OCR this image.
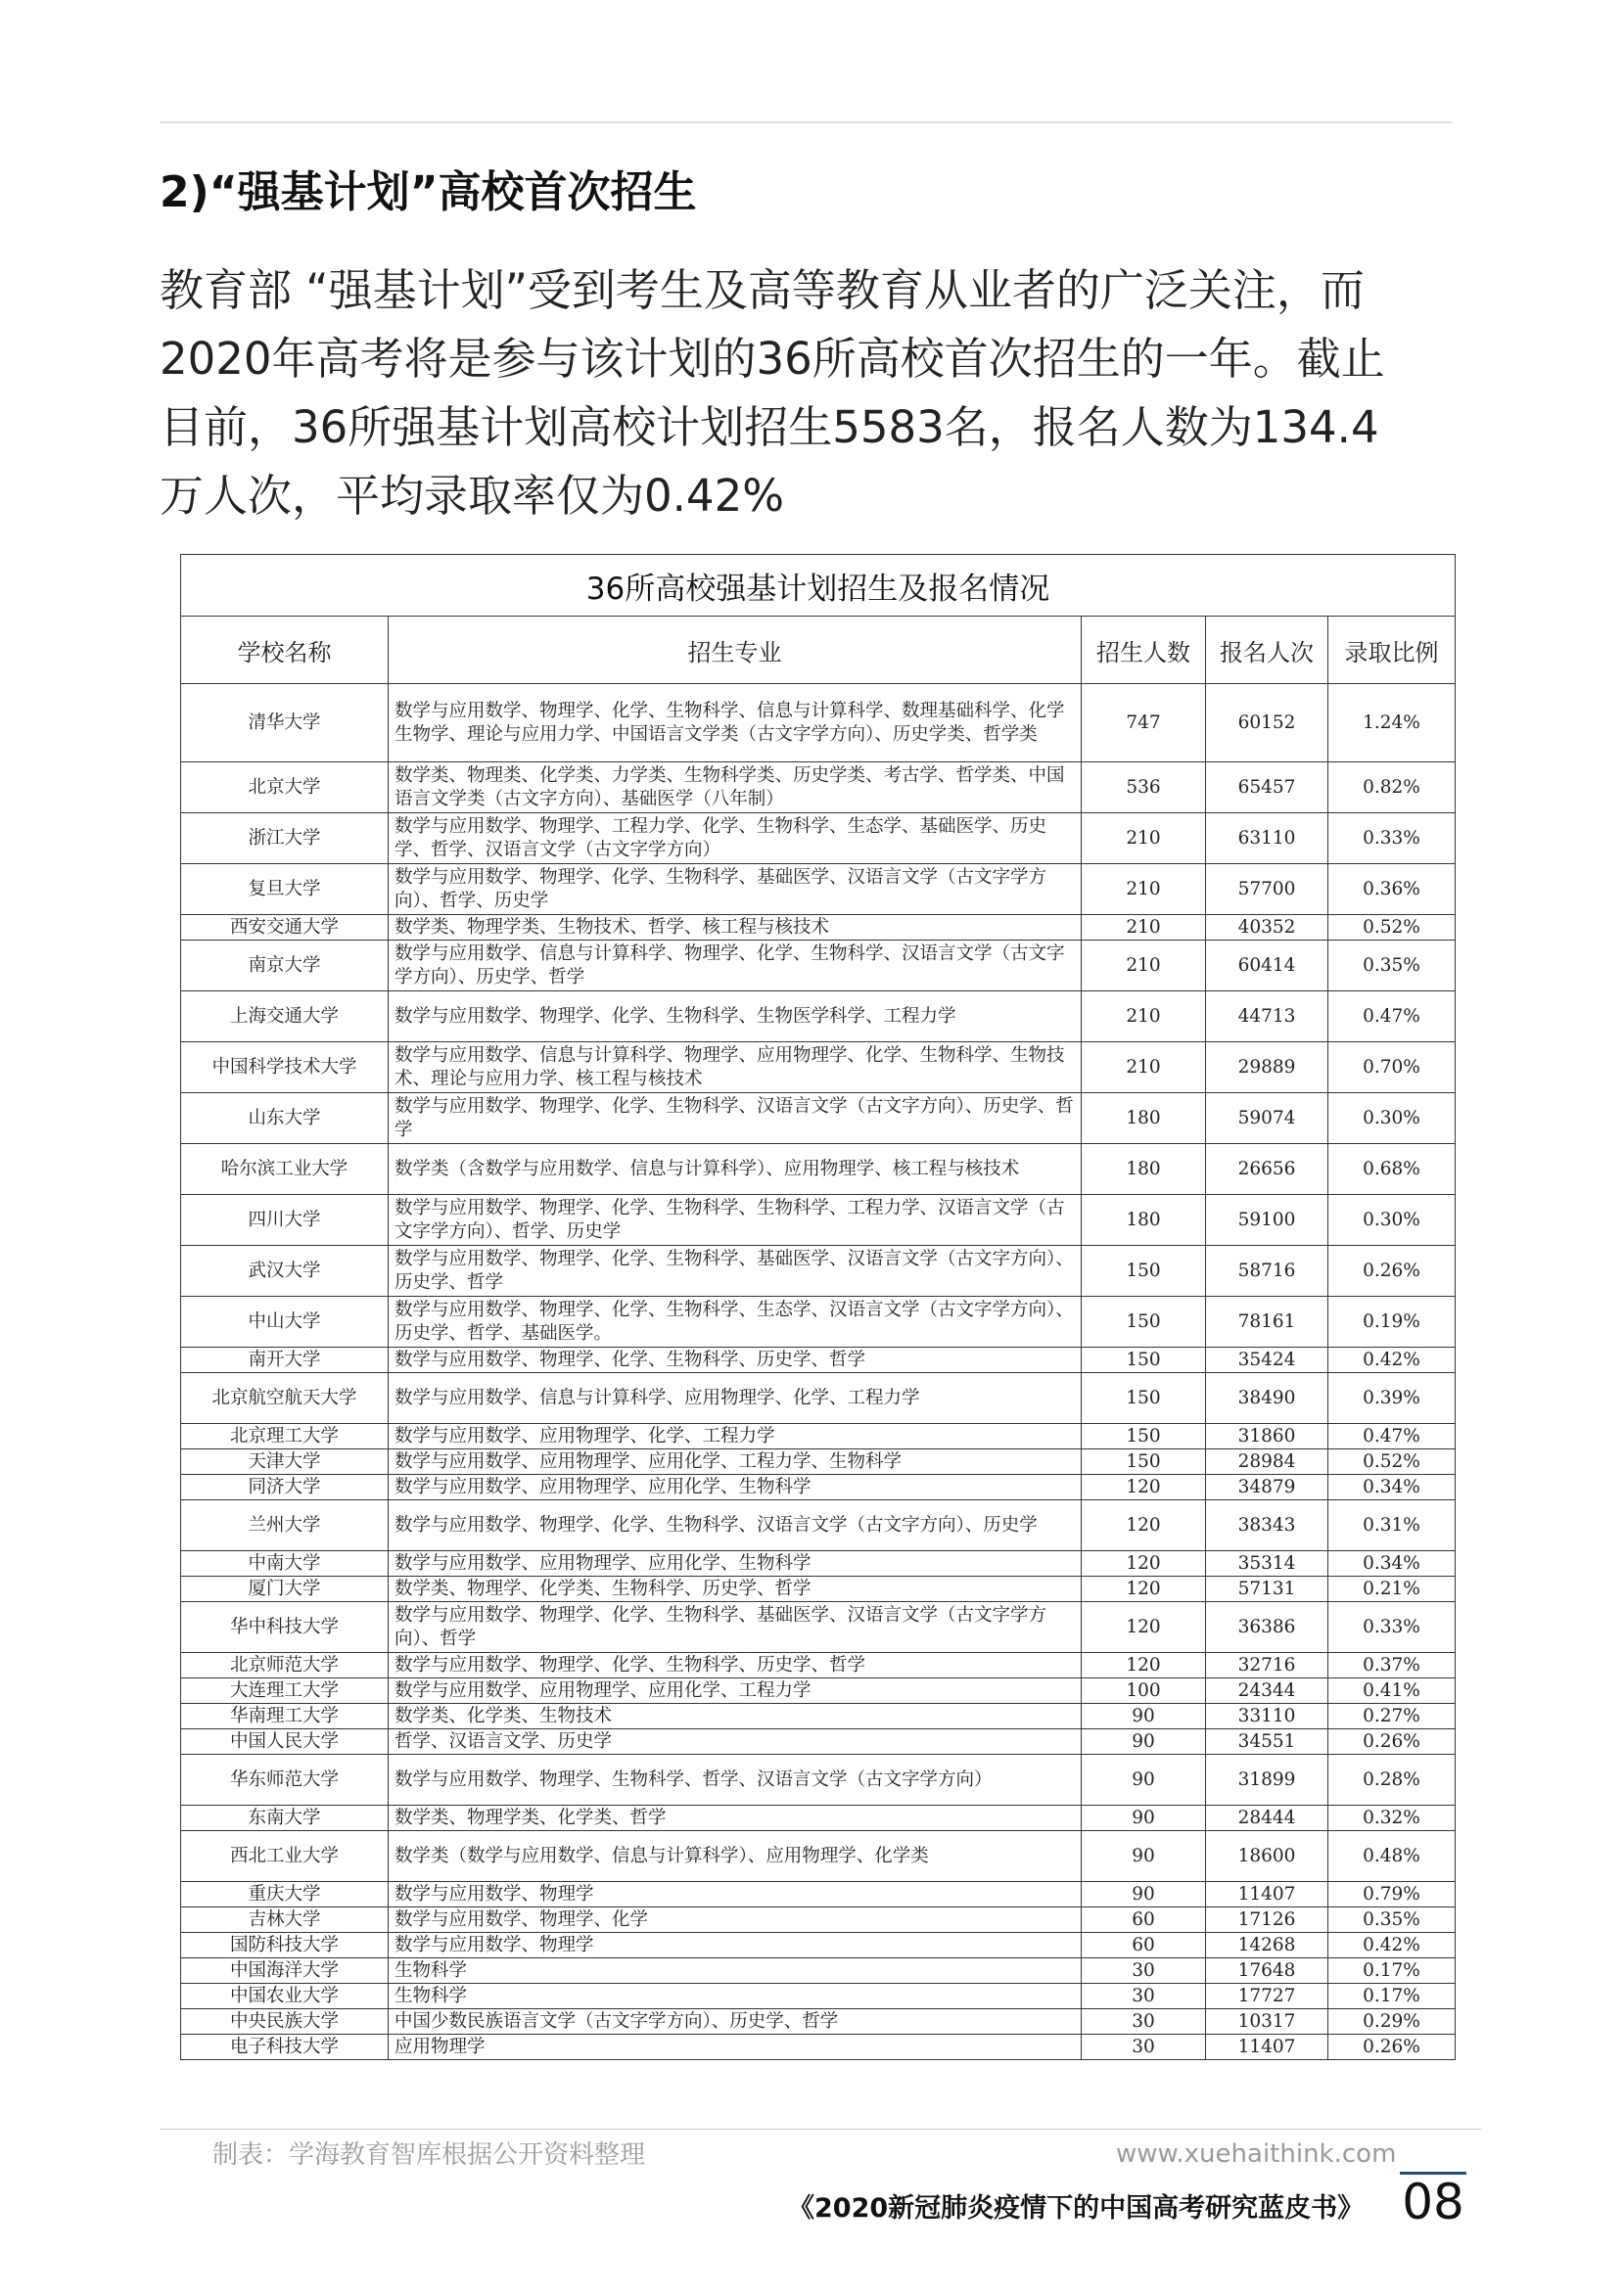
2)“强基计划”高校首次招生

教育部 “强基计划”受到考生及高等教育从业者的广泛关注，而

2020年高考将是参与该计划的36所高校首次招生的一年。截止

目前，36所强基计划高校计划招生5583名，报名人数为134.4

万人次，平均录取率仅为0.42%

36所高校强基计划招生及报名情况				
学校名称	招生专业	招生人数	报名人次	录取比例
清华大学	数学与应用数学、物理学、化学、生物科学、信息与计算科学、数理基础科学、化学生物学、理论与应用力学、中国语言文学类（古文字学方向）、历史学类、哲学类	747	60152	1.24%
北京大学	数学类、物理类、化学类、力学类、生物科学类、历史学类、考古学、哲学类、中国语言文学类（古文字方向）、基础医学（八年制）	536	65457	0.82%
浙江大学	数学与应用数学、物理学、工程力学、化学、生物科学、生态学、基础医学、历史学、哲学、汉语言文学（古文字学方向）	210	63110	0.33%
复旦大学	数学与应用数学、物理学、化学、生物科学、基础医学、汉语言文学（古文字学方向）、哲学、历史学	210	57700	0.36%
西安交通大学	数学类、物理学类、生物技术、哲学、核工程与核技术	210	40352	0.52%
南京大学	数学与应用数学、信息与计算科学、物理学、化学、生物科学、汉语言文学（古文字学方向）、历史学、哲学	210	60414	0.35%
上海交通大学	数学与应用数学、物理学、化学、生物科学、生物医学科学、工程力学	210	44713	0.47%
中国科学技术大学	数学与应用数学、信息与计算科学、物理学、应用物理学、化学、生物科学、生物技术、理论与应用力学、核工程与核技术	210	29889	0.70%
山东大学	数学与应用数学、物理学、化学、生物科学、汉语言文学（古文字方向）、历史学、哲学	180	59074	0.30%
哈尔滨工业大学	数学类（含数学与应用数学、信息与计算科学）、应用物理学、核工程与核技术	180	26656	0.68%
四川大学	数学与应用数学、物理学、化学、生物科学、生物科学、工程力学、汉语言文学（古文字学方向）、哲学、历史学	180	59100	0.30%
武汉大学	数学与应用数学、物理学、化学、生物科学、基础医学、汉语言文学（古文字方向）、历史学、哲学	150	58716	0.26%
中山大学	数学与应用数学、物理学、化学、生物科学、生态学、汉语言文学（古文字学方向）、历史学、哲学、基础医学。	150	78161	0.19%
南开大学	数学与应用数学、物理学、化学、生物科学、历史学、哲学	150	35424	0.42%
北京航空航天大学	数学与应用数学、信息与计算科学、应用物理学、化学、工程力学	150	38490	0.39%
北京理工大学	数学与应用数学、应用物理学、化学、工程力学	150	31860	0.47%
天津大学	数学与应用数学、应用物理学、应用化学、工程力学、生物科学	150	28984	0.52%
同济大学	数学与应用数学、应用物理学、应用化学、生物科学	120	34879	0.34%
兰州大学	数学与应用数学、物理学、化学、生物科学、汉语言文学（古文字方向）、历史学	120	38343	0.31%
中南大学	数学与应用数学、应用物理学、应用化学、生物科学	120	35314	0.34%
厦门大学	数学类、物理学、化学类、生物科学、历史学、哲学	120	57131	0.21%
华中科技大学	数学与应用数学、物理学、化学、生物科学、基础医学、汉语言文学（古文字学方向）、哲学	120	36386	0.33%
北京师范大学	数学与应用数学、物理学、化学、生物科学、历史学、哲学	120	32716	0.37%
大连理工大学	数学与应用数学、应用物理学、应用化学、工程力学	100	24344	0.41%
华南理工大学	数学类、化学类、生物技术	90	33110	0.27%
中国人民大学	哲学、汉语言文学、历史学	90	34551	0.26%
华东师范大学	数学与应用数学、物理学、生物科学、哲学、汉语言文学（古文字学方向）	90	31899	0.28%
东南大学	数学类、物理学类、化学类、哲学	90	28444	0.32%
西北工业大学	数学类（数学与应用数学、信息与计算科学）、应用物理学、化学类	90	18600	0.48%
重庆大学	数学与应用数学、物理学	90	11407	0.79%
吉林大学	数学与应用数学、物理学、化学	60	17126	0.35%
国防科技大学	数学与应用数学、物理学	60	14268	0.42%
中国海洋大学	生物科学	30	17648	0.17%
中国农业大学	生物科学	30	17727	0.17%
中央民族大学	中国少数民族语言文学（古文字学方向）、历史学、哲学	30	10317	0.29%
电子科技大学	应用物理学	30	11407	0.26%
制表：学海教育智库根据公开资料整理	www.xuehaithink.com
《2020新冠肺炎疫情下的中国高考研究蓝皮书》 08
